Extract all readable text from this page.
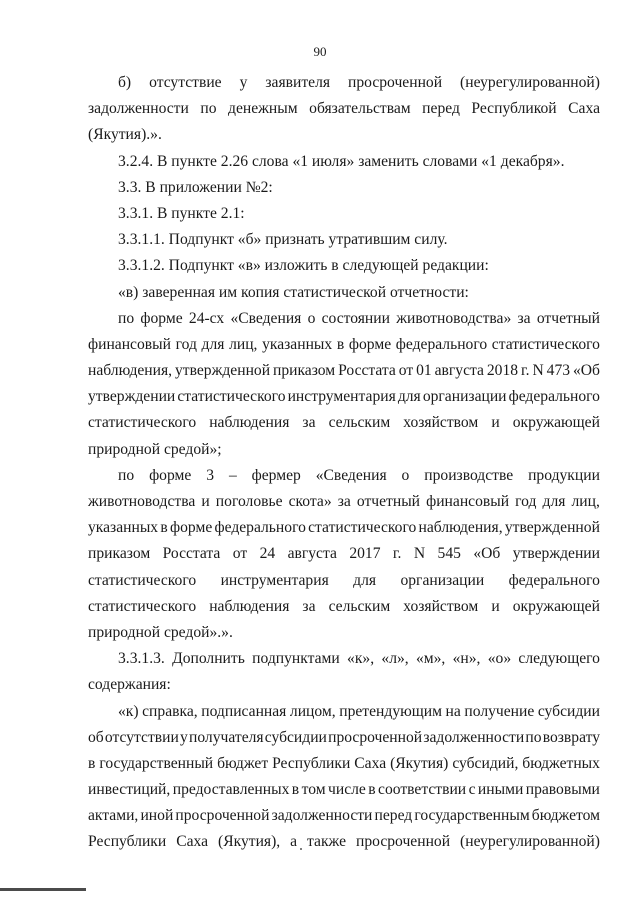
90
б) отсутствие у заявителя просроченной (неурегулированной)
задолженности по денежным обязательствам перед Республикой Саха
(Якутия).».
3.2.4. В пункте 2.26 слова «1 июля» заменить словами «1 декабря».
3.3. В приложении №2:
3.3.1. В пункте 2.1:
3.3.1.1. Подпункт «б» признать утратившим силу.
3.3.1.2. Подпункт «в» изложить в следующей редакции:
«в) заверенная им копия статистической отчетности:
по форме 24-сх «Сведения о состоянии животноводства» за отчетный
финансовый год для лиц, указанных в форме федерального статистического
наблюдения, утвержденной приказом Росстата от 01 августа 2018 г. N 473 «Об
утверждении статистического инструментария для организации федерального
статистического наблюдения за сельским хозяйством и окружающей
природной средой»;
по форме 3 – фермер «Сведения о производстве продукции
животноводства и поголовье скота» за отчетный финансовый год для лиц,
указанных в форме федерального статистического наблюдения, утвержденной
приказом Росстата от 24 августа 2017 г. N 545 «Об утверждении
статистического инструментария для организации федерального
статистического наблюдения за сельским хозяйством и окружающей
природной средой».».
3.3.1.3. Дополнить подпунктами «к», «л», «м», «н», «о» следующего
содержания:
«к) справка, подписанная лицом, претендующим на получение субсидии
об отсутствии у получателя субсидии просроченной задолженности по возврату
в государственный бюджет Республики Саха (Якутия) субсидий, бюджетных
инвестиций, предоставленных в том числе в соответствии с иными правовыми
актами, иной просроченной задолженности перед государственным бюджетом
Республики Саха (Якутия), а также просроченной (неурегулированной)
